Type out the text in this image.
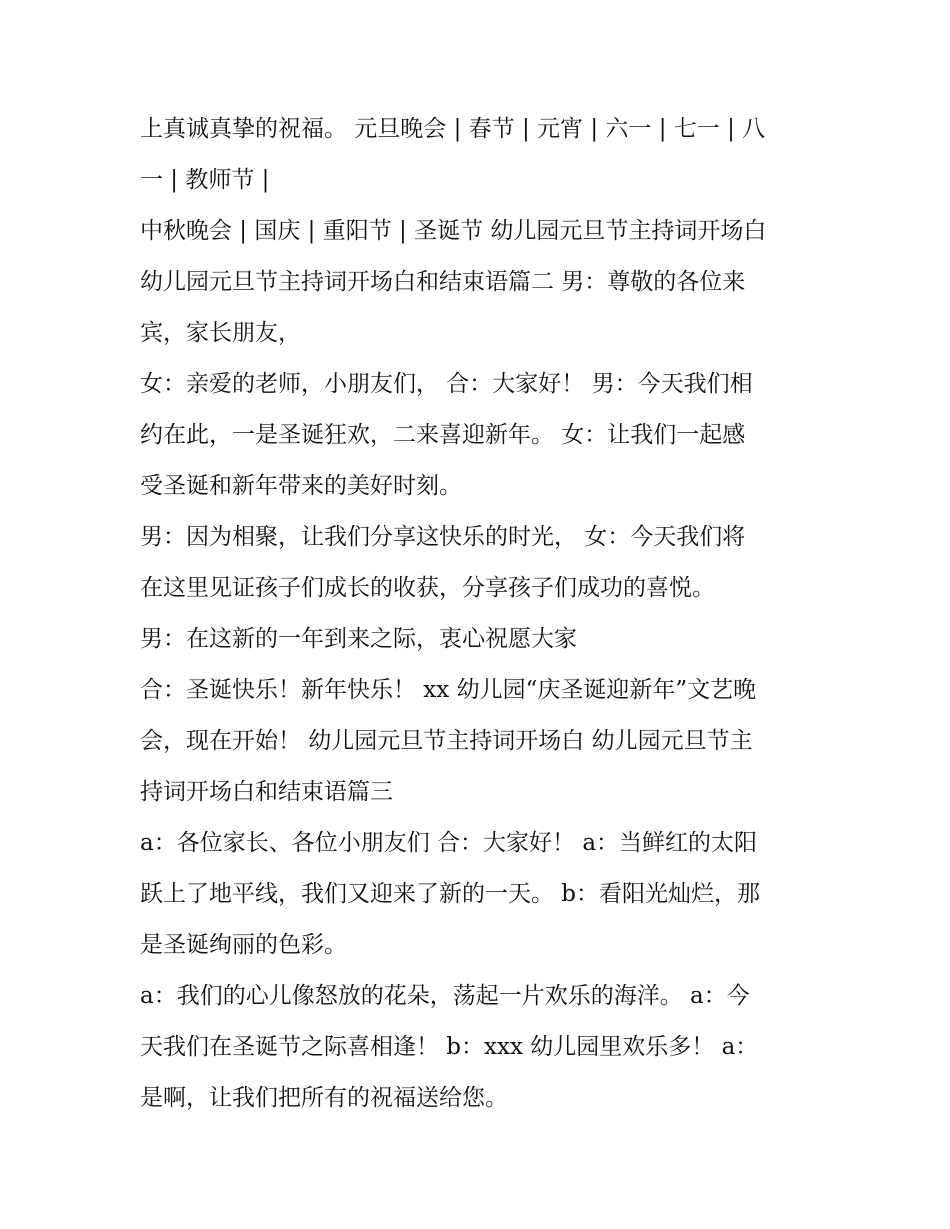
上真诚真挚的祝福。 元旦晚会 | 春节 | 元宵 | 六一 | 七一 | 八
一 | 教师节 |
中秋晚会 | 国庆 | 重阳节 | 圣诞节 幼儿园元旦节主持词开场白
幼儿园元旦节主持词开场白和结束语篇二 男：尊敬的各位来
宾，家长朋友，
女：亲爱的老师，小朋友们， 合：大家好！ 男：今天我们相
约在此，一是圣诞狂欢，二来喜迎新年。 女：让我们一起感
受圣诞和新年带来的美好时刻。
男：因为相聚，让我们分享这快乐的时光， 女：今天我们将
在这里见证孩子们成长的收获，分享孩子们成功的喜悦。
男：在这新的一年到来之际，衷心祝愿大家
合：圣诞快乐！新年快乐！ xx 幼儿园“庆圣诞迎新年”文艺晚
会，现在开始！ 幼儿园元旦节主持词开场白 幼儿园元旦节主
持词开场白和结束语篇三
a：各位家长、各位小朋友们 合：大家好！ a：当鲜红的太阳
跃上了地平线，我们又迎来了新的一天。 b：看阳光灿烂，那
是圣诞绚丽的色彩。
a：我们的心儿像怒放的花朵，荡起一片欢乐的海洋。 a：今
天我们在圣诞节之际喜相逢！ b：xxx 幼儿园里欢乐多！ a：
是啊，让我们把所有的祝福送给您。
